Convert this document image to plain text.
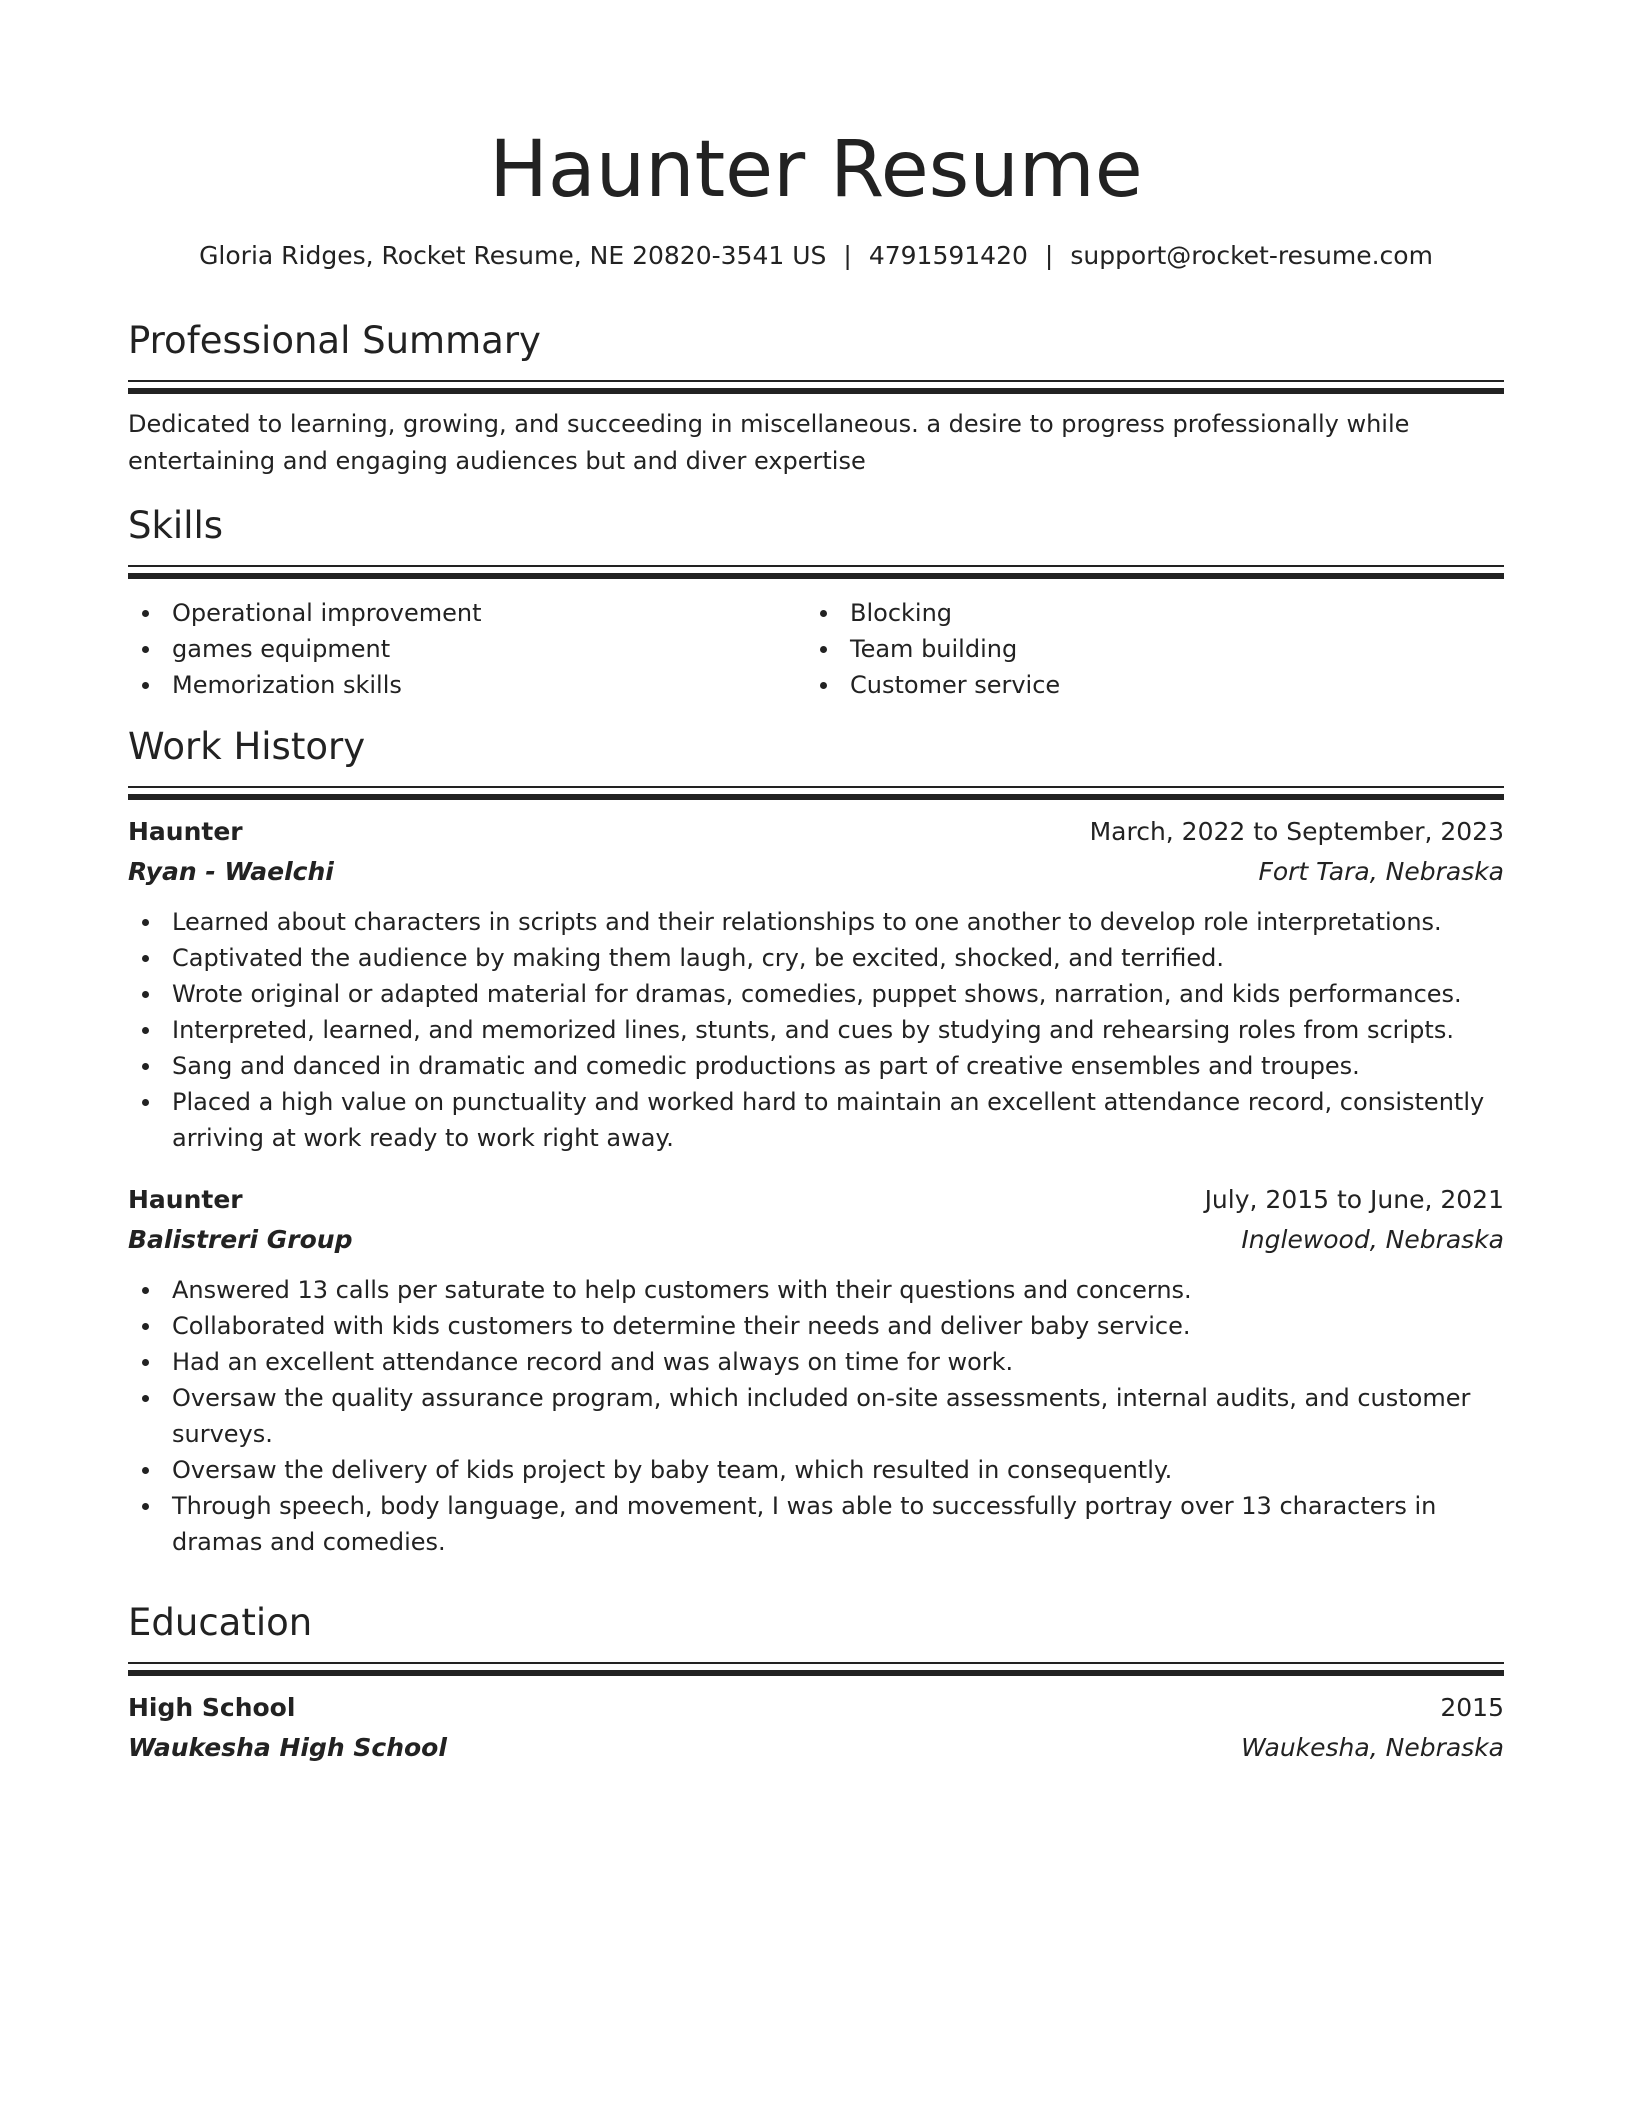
Haunter Resume
Gloria Ridges, Rocket Resume, NE 20820-3541 US | 4791591420 | support@rocket-resume.com
Professional Summary

Dedicated to learning, growing, and succeeding in miscellaneous. a desire to progress professionally while entertaining and engaging audiences but and diver expertise

Skills
Operational improvement
games equipment
Memorization skills
Blocking
Team building
Customer service
Work History
Haunter	March, 2022 to September, 2023
Ryan - Waelchi	Fort Tara, Nebraska
Learned about characters in scripts and their relationships to one another to develop role interpretations.
Captivated the audience by making them laugh, cry, be excited, shocked, and terrified.
Wrote original or adapted material for dramas, comedies, puppet shows, narration, and kids performances.
Interpreted, learned, and memorized lines, stunts, and cues by studying and rehearsing roles from scripts.
Sang and danced in dramatic and comedic productions as part of creative ensembles and troupes.
Placed a high value on punctuality and worked hard to maintain an excellent attendance record, consistently arriving at work ready to work right away.
Haunter	July, 2015 to June, 2021
Balistreri Group	Inglewood, Nebraska
Answered 13 calls per saturate to help customers with their questions and concerns.
Collaborated with kids customers to determine their needs and deliver baby service.
Had an excellent attendance record and was always on time for work.
Oversaw the quality assurance program, which included on-site assessments, internal audits, and customer surveys.
Oversaw the delivery of kids project by baby team, which resulted in consequently.
Through speech, body language, and movement, I was able to successfully portray over 13 characters in dramas and comedies.
Education
High School	2015
Waukesha High School	Waukesha, Nebraska
